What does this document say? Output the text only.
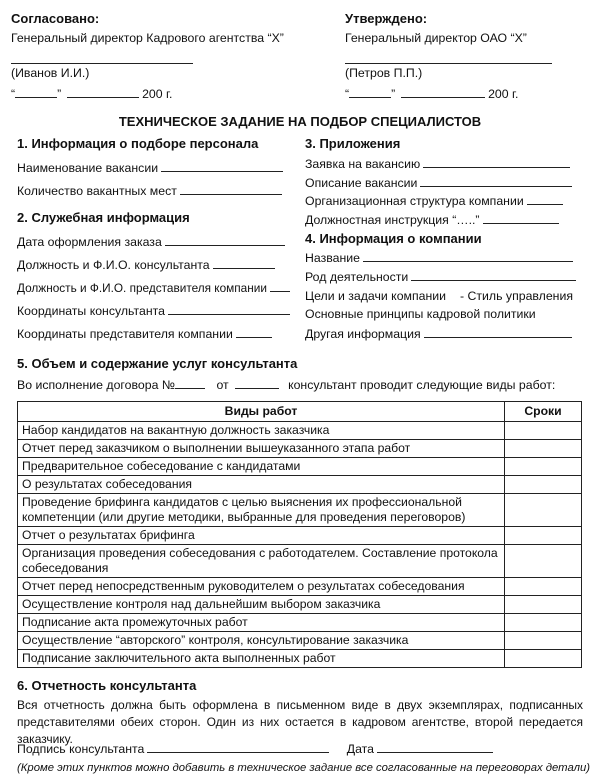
Согласовано:
Генеральный директор Кадрового агентства “Х”
(Иванов И.И.)
“	”	200 г.
Утверждено:
Генеральный директор ОАО “Х”
(Петров П.П.)
“	”	200 г.
ТЕХНИЧЕСКОЕ ЗАДАНИЕ НА ПОДБОР СПЕЦИАЛИСТОВ
1. Информация о подборе персонала
Наименование вакансии
Количество вакантных мест
2. Служебная информация
Дата оформления заказа
Должность и Ф.И.О. консультанта
Должность и Ф.И.О. представителя компании
Координаты консультанта
Координаты представителя компании
3. Приложения
Заявка на вакансию
Описание вакансии
Организационная структура компании
Должностная инструкция “…..”
4. Информация о компании
Название
Род деятельности
Цели и задачи компании - Стиль управления
Основные принципы кадровой политики
Другая информация
5. Объем и содержание услуг консультанта
Во исполнение договора №	от	консультант проводит следующие виды работ:
Виды работ	Сроки
Набор кандидатов на вакантную должность заказчика	
Отчет перед заказчиком о выполнении вышеуказанного этапа работ	
Предварительное собеседование с кандидатами	
О результатах собеседования	
Проведение брифинга кандидатов с целью выяснения их профессиональной компетенции (или другие методики, выбранные для проведения переговоров)	
Отчет о результатах брифинга	
Организация проведения собеседования с работодателем. Составление протокола собеседования	
Отчет перед непосредственным руководителем о результатах собеседования	
Осуществление контроля над дальнейшим выбором заказчика	
Подписание акта промежуточных работ	
Осуществление “авторского” контроля, консультирование заказчика	
Подписание заключительного акта выполненных работ	
6. Отчетность консультанта
Вся отчетность должна быть оформлена в письменном виде в двух экземплярах, подписанных представителями обеих сторон. Один из них остается в кадровом агентстве, второй передается заказчику.
Подпись консультанта	Дата
(Кроме этих пунктов можно добавить в техническое задание все согласованные на переговорах детали)
